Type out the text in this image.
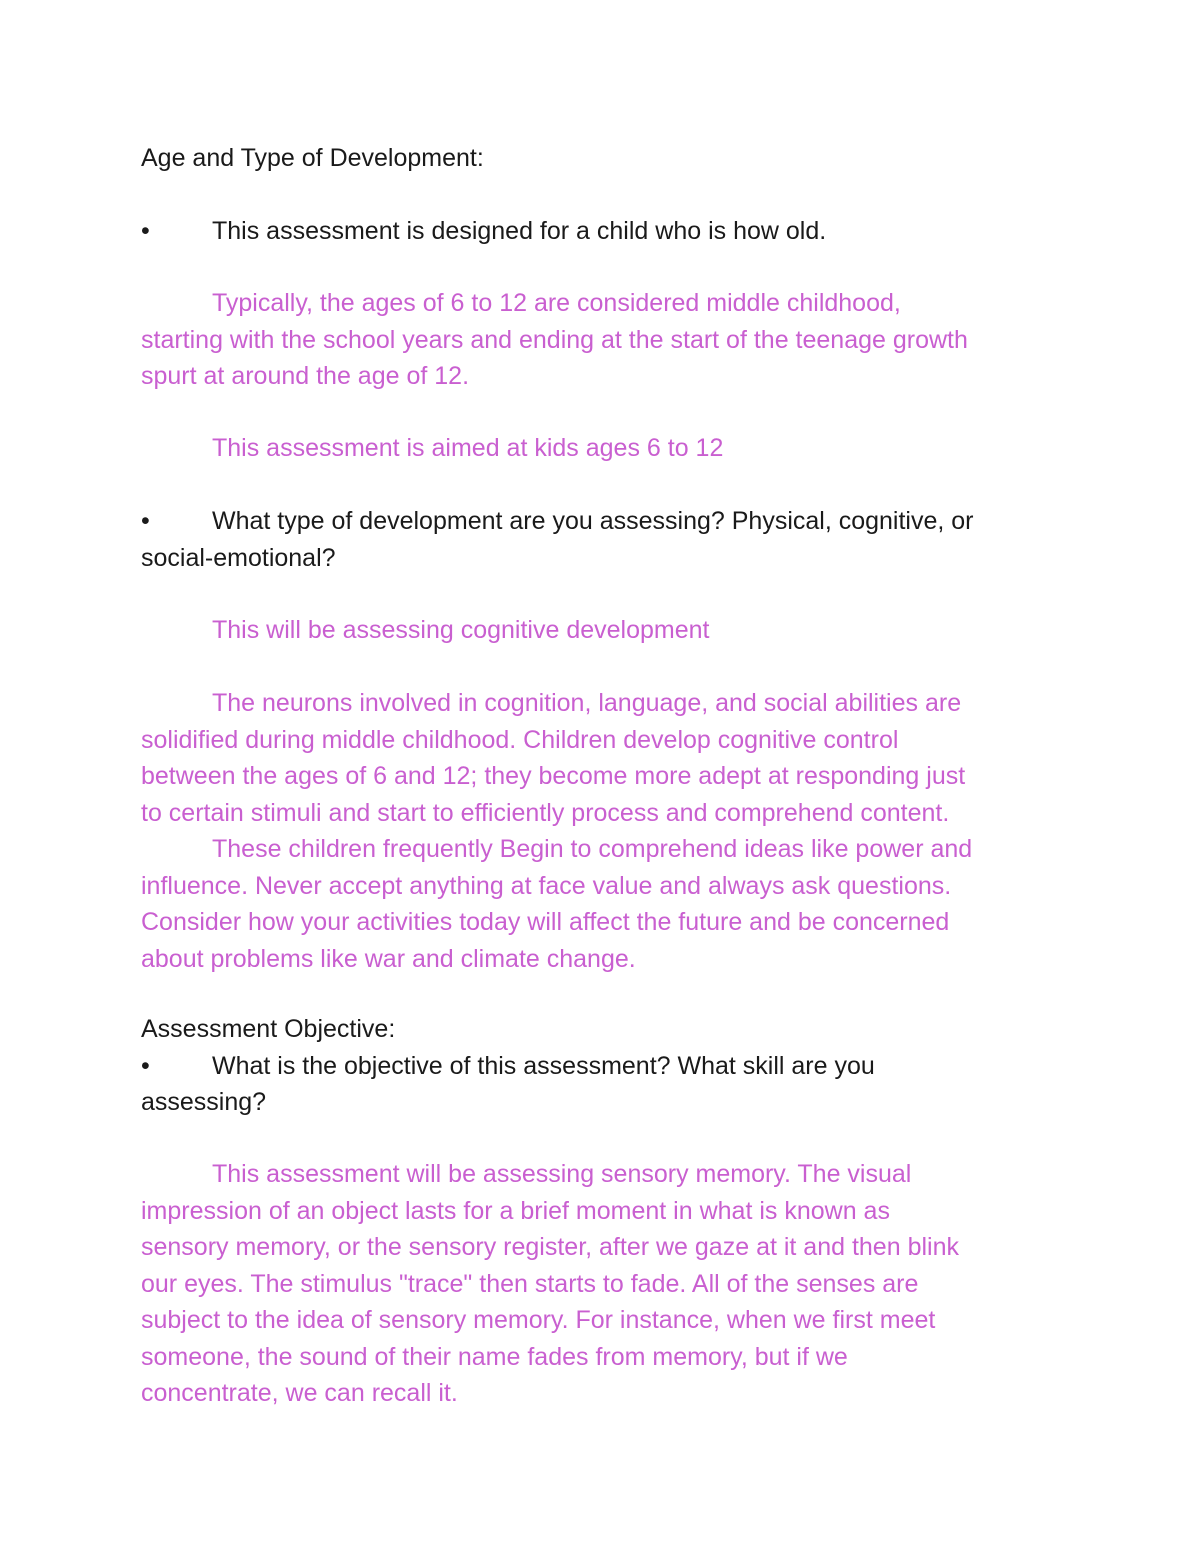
Age and Type of Development:
• This assessment is designed for a child who is how old.
Typically, the ages of 6 to 12 are considered middle childhood,
starting with the school years and ending at the start of the teenage growth
spurt at around the age of 12.
This assessment is aimed at kids ages 6 to 12
• What type of development are you assessing? Physical, cognitive, or
social-emotional?
This will be assessing cognitive development
The neurons involved in cognition, language, and social abilities are
solidified during middle childhood. Children develop cognitive control
between the ages of 6 and 12; they become more adept at responding just
to certain stimuli and start to efficiently process and comprehend content.
These children frequently Begin to comprehend ideas like power and
influence. Never accept anything at face value and always ask questions.
Consider how your activities today will affect the future and be concerned
about problems like war and climate change.
Assessment Objective:
• What is the objective of this assessment? What skill are you
assessing?
This assessment will be assessing sensory memory. The visual
impression of an object lasts for a brief moment in what is known as
sensory memory, or the sensory register, after we gaze at it and then blink
our eyes. The stimulus "trace" then starts to fade. All of the senses are
subject to the idea of sensory memory. For instance, when we first meet
someone, the sound of their name fades from memory, but if we
concentrate, we can recall it.
